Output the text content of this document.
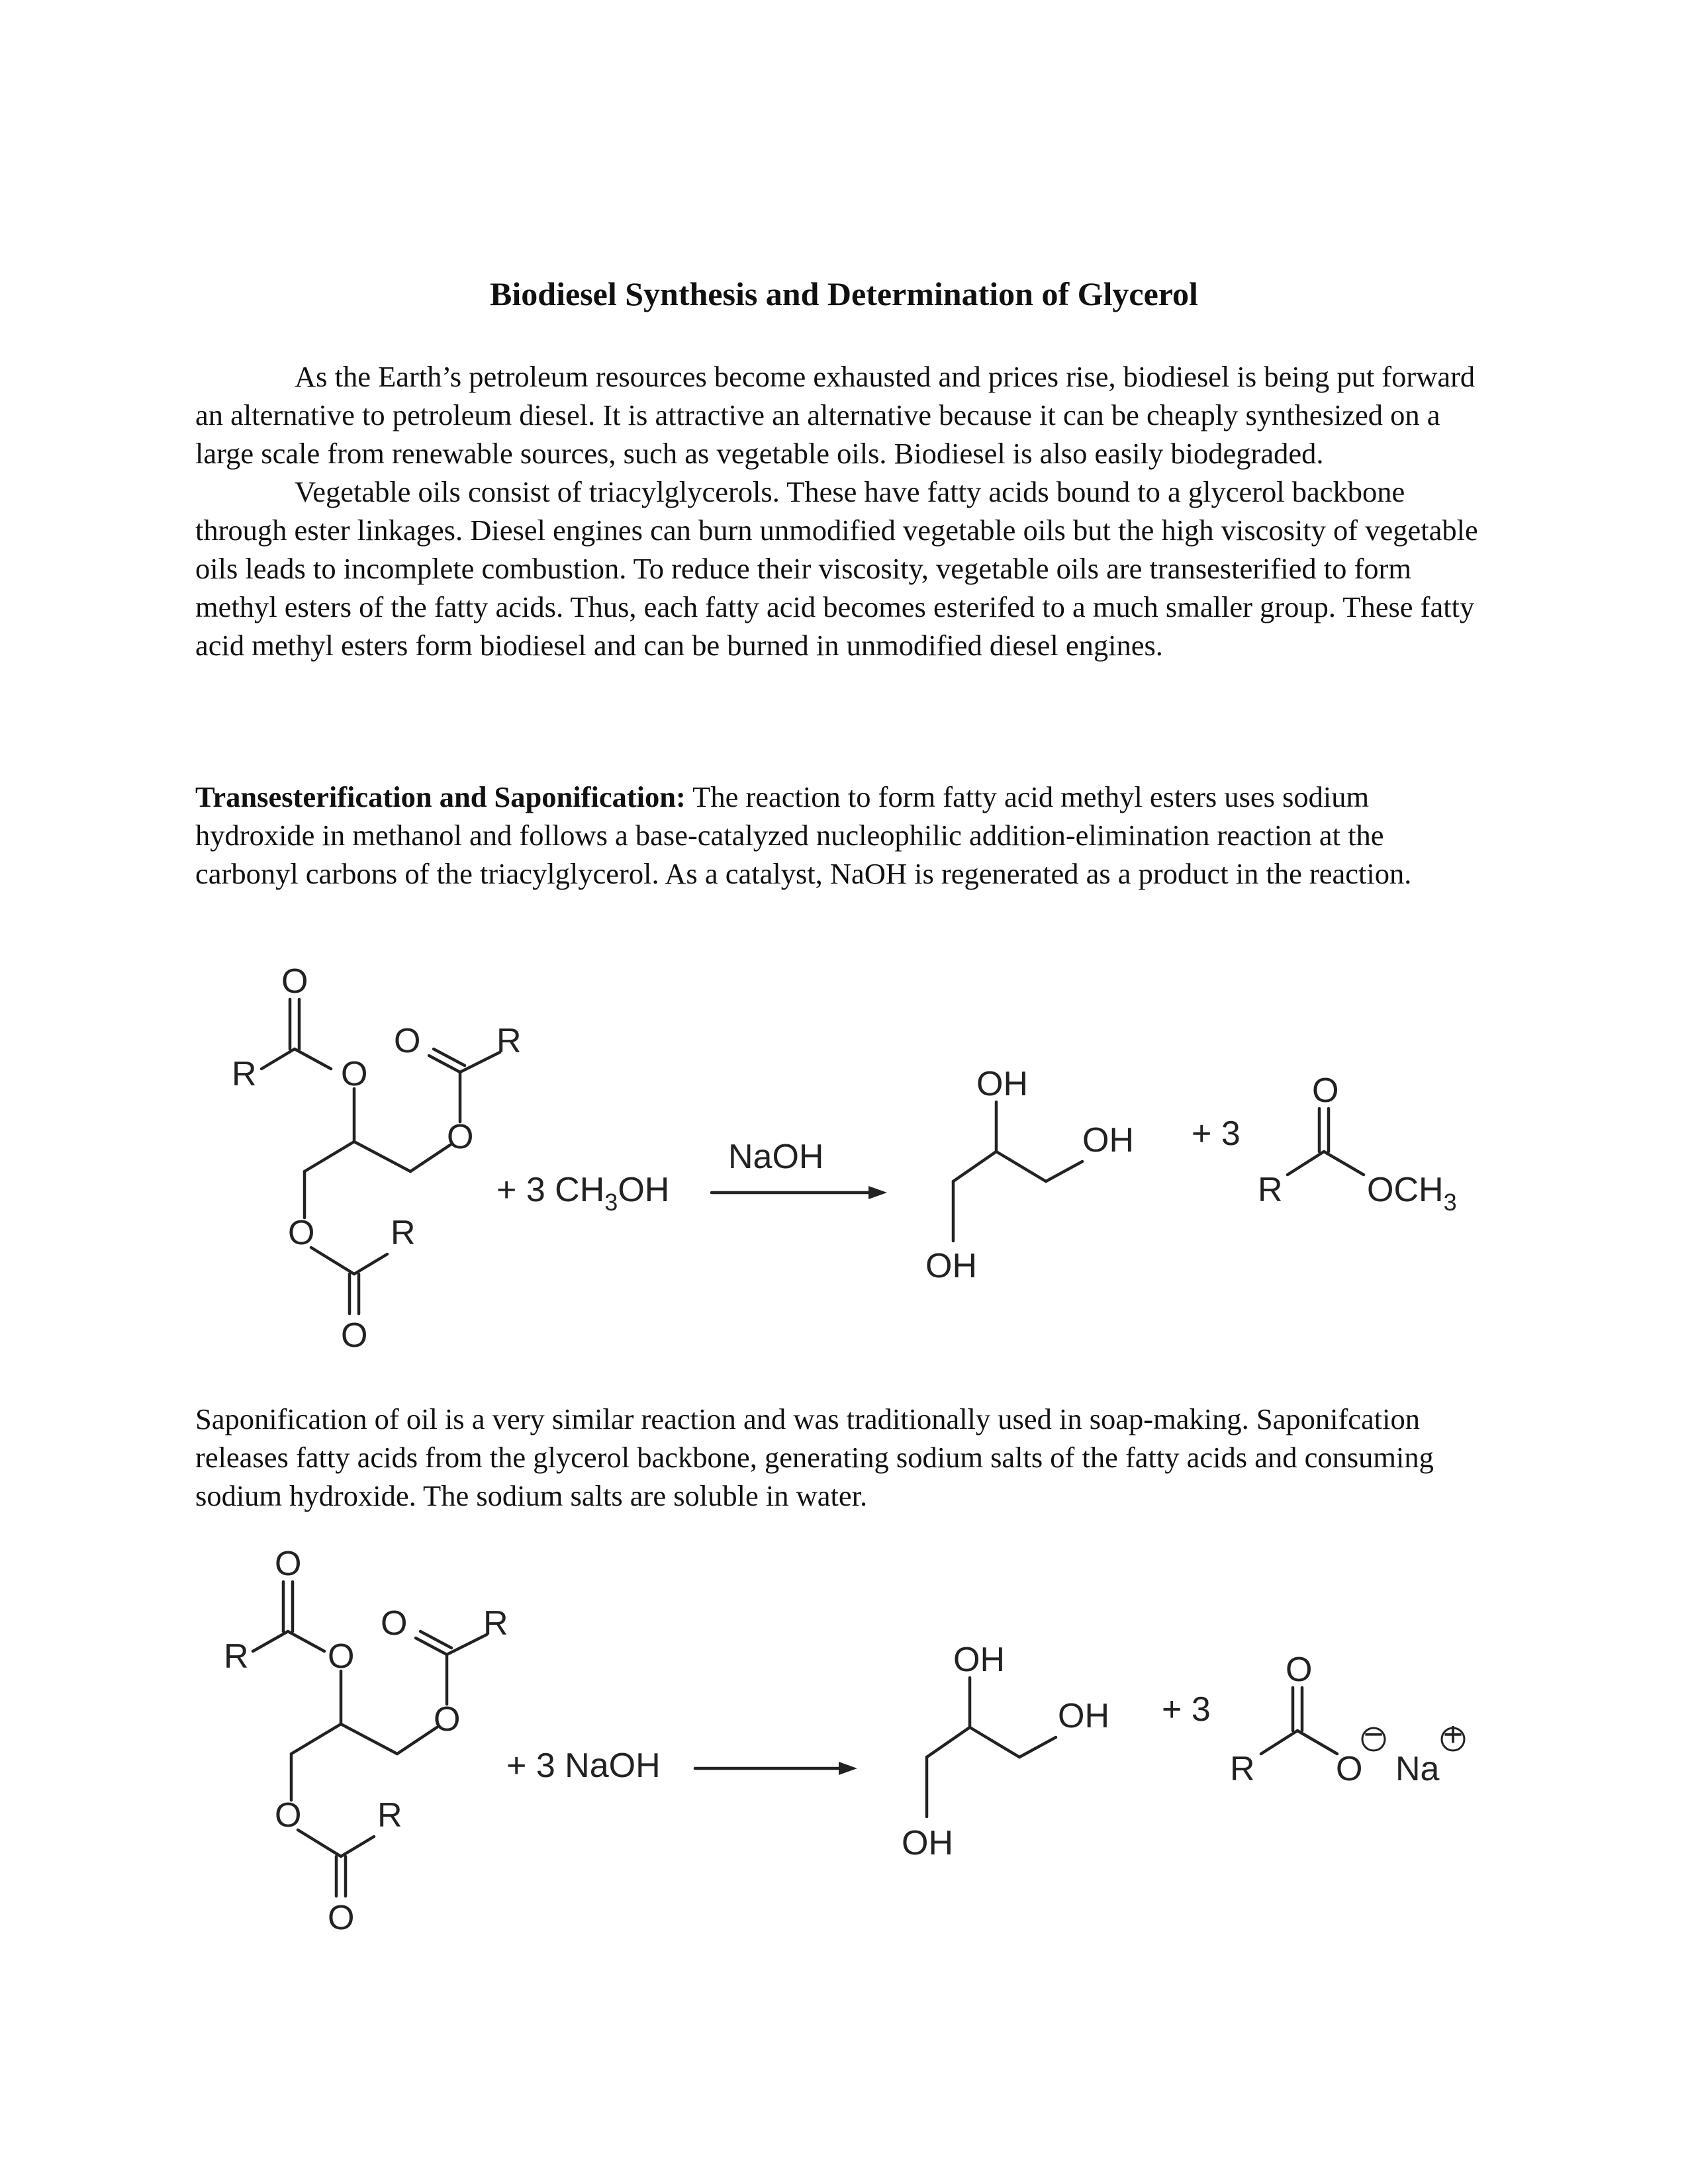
Biodiesel Synthesis and Determination of Glycerol

As the Earth’s petroleum resources become exhausted and prices rise, biodiesel is being put forward an alternative to petroleum diesel. It is attractive an alternative because it can be cheaply synthesized on a large scale from renewable sources, such as vegetable oils. Biodiesel is also easily biodegraded.

Vegetable oils consist of triacylglycerols. These have fatty acids bound to a glycerol backbone through ester linkages. Diesel engines can burn unmodified vegetable oils but the high viscosity of vegetable oils leads to incomplete combustion. To reduce their viscosity, vegetable oils are transesterified to form methyl esters of the fatty acids. Thus, each fatty acid becomes esterifed to a much smaller group. These fatty acid methyl esters form biodiesel and can be burned in unmodified diesel engines.

Transesterification and Saponification: The reaction to form fatty acid methyl esters uses sodium hydroxide in methanol and follows a base-catalyzed nucleophilic addition-elimination reaction at the carbonyl carbons of the triacylglycerol. As a catalyst, NaOH is regenerated as a product in the reaction.

O
R O
O R
O
O R
O
+ 3 $CH_3OH$
NaOH
OH
OH
OH
+ 3
O
R $OCH_3$

Saponification of oil is a very similar reaction and was traditionally used in soap-making. Saponifcation releases fatty acids from the glycerol backbone, generating sodium salts of the fatty acids and consuming sodium hydroxide. The sodium salts are soluble in water.

O
R O
O R
O
O R
O
+ 3 NaOH
OH
OH
OH
+ 3
O
R O
−
Na
+
